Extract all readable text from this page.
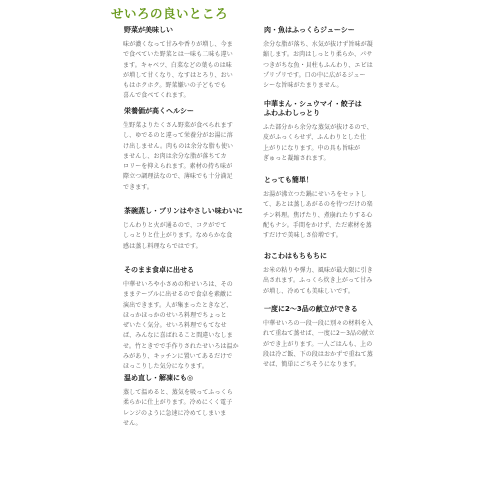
せいろの良いところ
野菜が美味しい
味が濃くなって甘みや香りが増し、今ま
で食べていた野菜とは一味も二味も違い
ます。キャベツ、白菜などの葉ものは味
が増して甘くなり、なすはとろり、おい
もはホクホク。野菜嫌いの子どもでも
喜んで食べてくれます。
栄養価が高くヘルシー
生野菜よりたくさん野菜が食べられます
し、ゆでるのと違って栄養分がお湯に溶
け出しません。肉ものは余分な脂も使い
ませんし、お肉は余分な脂が落ちてカ
ロリーを抑えられます。素材の持ち味が
際立つ調理法なので、薄味でも十分満足
できます。
茶碗蒸し・プリンはやさしい味わいに
じんわりと火が通るので、コクがでて
しっとりと仕上がります。なめらかな食
感は蒸し料理ならではです。
そのまま食卓に出せる
中華せいろや小さめの和せいろは、その
ままテーブルに出せるので食卓を素敵に
演出できます。人が集まったときなど、
ほっかほっかのせいろ料理でちょっと
ぜいたく気分。せいろ料理でもてなせ
ば、みんなに喜ばれること間違いなしま
せ。竹ときでで手作りされたせいろは温か
みがあり、キッチンに置いてあるだけで
ほっこりした気分になります。
温め直し・解凍にも◎
蒸して温めると、蒸気を吸ってふっくら
柔らかに仕上がります。冷めにくく電子
レンジのように急速に冷めてしまいま
せん。
肉・魚はふっくらジューシー
余分な脂が落ち、水気が抜けず旨味が凝
縮します。お肉はしっとり柔らか、パサ
つきがちな魚・貝柱もふんわり、エビは
プリプリです。口の中に広がるジュー
シーな旨味がたまりません。
中華まん・シュウマイ・餃子は
ふわふわしっとり
ふた部分から余分な蒸気が抜けるので、
皮がふっくらせず、ふんわりとした仕
上がりになります。中の具も旨味が
ぎゅっと凝縮されます。
とっても簡単！
お湯が沸立つた鍋にせいろをセットし
て、あとは蒸しあがるのを待つだけの楽
チン料理。焦げたり、煮崩れたりする心
配もナシ。手間をかけず、ただ素材を蒸
すだけで美味しさ倍増です。
おこわはもちもちに
お米の粘りや弾力、風味が最大限に引き
出されます。ふっくら炊き上がって甘み
が増し、冷めても美味しいです。
一度に2〜3品の献立ができる
中華せいろの一段一段に別々の材料を入
れて重ねて蒸せば、一度に2〜3品の献立
ができ上がります。一人ごはんも、上の
段は冷ご飯、下の段はおかずで重ねて蒸
せば、簡単にごちそうになります。
